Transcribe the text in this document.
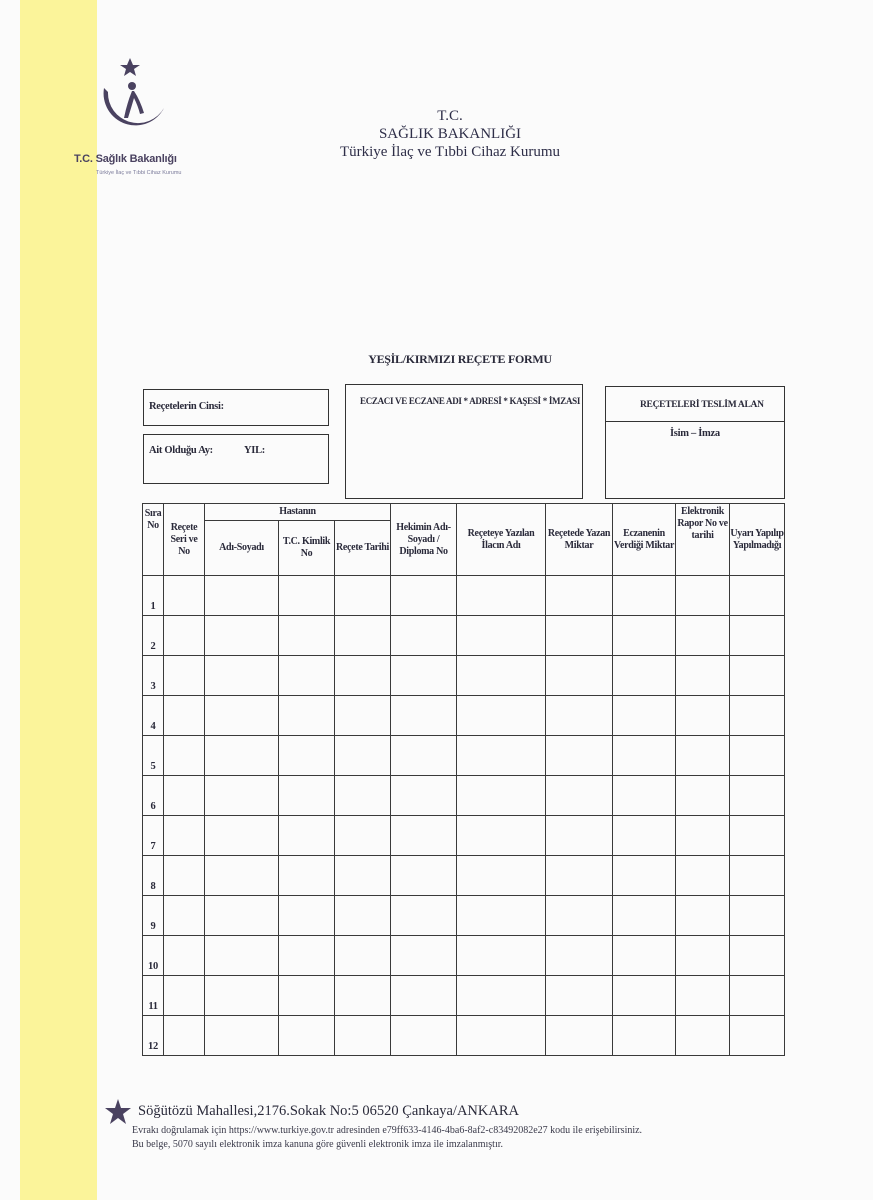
T.C. Sağlık Bakanlığı
Türkiye İlaç ve Tıbbi Cihaz Kurumu
T.C.
SAĞLIK BAKANLIĞI
Türkiye İlaç ve Tıbbi Cihaz Kurumu
YEŞİL/KIRMIZI REÇETE FORMU
Reçetelerin Cinsi:
Ait Olduğu Ay:	YIL:
ECZACI VE ECZANE ADI * ADRESİ * KAŞESİ * İMZASI	REÇETELERİ TESLİM ALAN
İsim – İmza
Sıra No	Reçete Seri ve No	Hastanın			Hekimin Adı-Soyadı / Diploma No	Reçeteye Yazılan İlacın Adı	Reçetede Yazan Miktar	Eczanenin Verdiği Miktar	Elektronik Rapor No ve tarihi	Uyarı Yapılıp Yapılmadığı
		Adı-Soyadı	T.C. Kimlik No	Reçete Tarihi						
1										
2										
3										
4										
5										
6										
7										
8										
9										
10										
11										
12										
Söğütözü Mahallesi,2176.Sokak No:5 06520 Çankaya/ANKARA
Evrakı doğrulamak için https://www.turkiye.gov.tr adresinden e79ff633-4146-4ba6-8af2-c83492082e27 kodu ile erişebilirsiniz.
Bu belge, 5070 sayılı elektronik imza kanuna göre güvenli elektronik imza ile imzalanmıştır.
